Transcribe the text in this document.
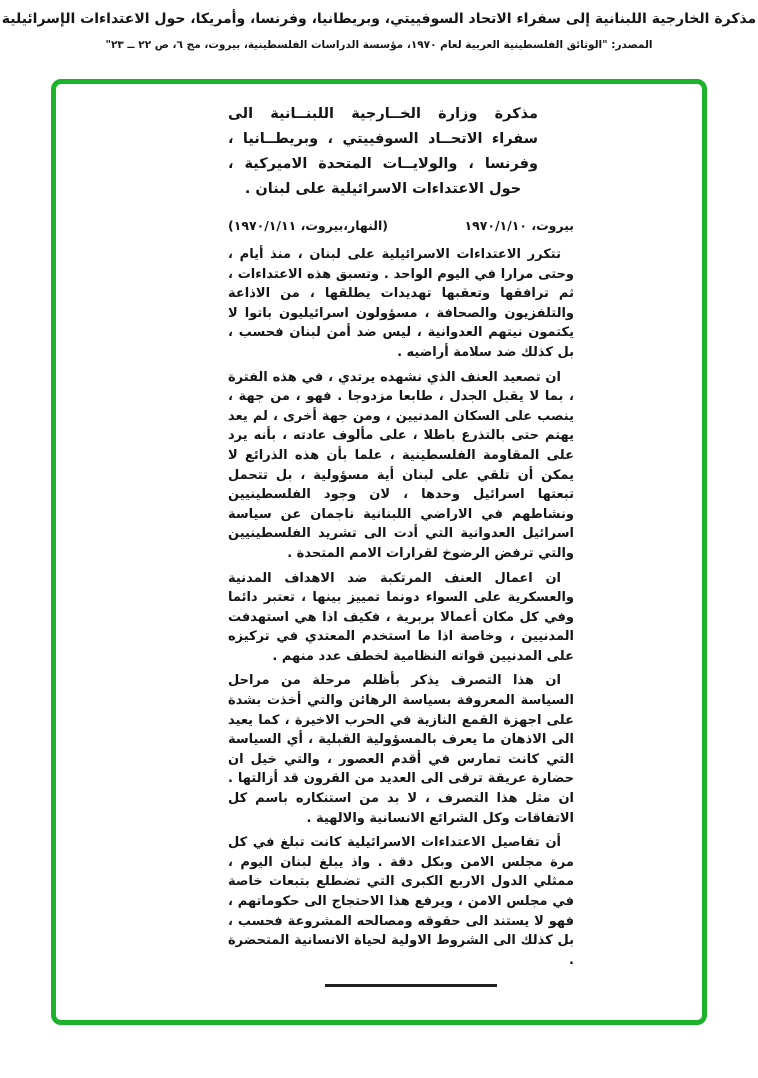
مذكرة الخارجية اللبنانية إلى سفراء الاتحاد السوفييتي، وبريطانيا، وفرنسا، وأمريكا، حول الاعتداءات الإسرائيلية
المصدر: "الوثائق الفلسطينية العربية لعام ١٩٧٠، مؤسسة الدراسات الفلسطينية، بيروت، مج ٦، ص ٢٢ ــ ٢٣"
مذكرة وزارة الخــارجية اللبنــانية الى سفراء الاتحــاد السوفييتي ، وبريطــانيا ، وفرنسا ، والولايــات المتحدة الاميركية ، حول الاعتداءات الاسرائيلية على لبنان .
بيروت، ١٩٧٠/١/١٠
(النهار،بيروت، ١٩٧٠/١/١١)

تتكرر الاعتداءات الاسرائيلية على لبنان ، منذ أيام ، وحتى مرارا في اليوم الواحد . وتسبق هذه الاعتداءات ، ثم ترافقها وتعقبها تهديدات يطلقها ، من الاذاعة والتلفزيون والصحافة ، مسؤولون اسرائيليون باتوا لا يكتمون نيتهم العدوانية ، ليس ضد أمن لبنان فحسب ، بل كذلك ضد سلامة أراضيه .

ان تصعيد العنف الذي نشهده يرتدي ، في هذه الفترة ، بما لا يقبل الجدل ، طابعا مزدوجا . فهو ، من جهة ، ينصب على السكان المدنيين ، ومن جهة أخرى ، لم يعد يهتم حتى بالتذرع باطلا ، على مألوف عادته ، بأنه يرد على المقاومة الفلسطينية ، علما بأن هذه الذرائع لا يمكن أن تلقي على لبنان أية مسؤولية ، بل تتحمل تبعتها اسرائيل وحدها ، لان وجود الفلسطينيين ونشاطهم في الاراضي اللبنانية ناجمان عن سياسة اسرائيل العدوانية التي أدت الى تشريد الفلسطينيين والتي ترفض الرضوخ لقرارات الامم المتحدة .

ان اعمال العنف المرتكبة ضد الاهداف المدنية والعسكرية على السواء دونما تمييز بينها ، تعتبر دائما وفي كل مكان أعمالا بربرية ، فكيف اذا هي استهدفت المدنيين ، وخاصة اذا ما استخدم المعتدي في تركيزه على المدنيين قواته النظامية لخطف عدد منهم .

ان هذا التصرف يذكر بأظلم مرحلة من مراحل السياسة المعروفة بسياسة الرهائن والتي أخذت بشدة على اجهزة القمع النازية في الحرب الاخيرة ، كما يعيد الى الاذهان ما يعرف بالمسؤولية القبلية ، أي السياسة التي كانت تمارس في أقدم العصور ، والتي خيل ان حضارة عريقة ترقى الى العديد من القرون قد أزالتها . ان مثل هذا التصرف ، لا بد من استنكاره باسم كل الاتفاقات وكل الشرائع الانسانية والالهية .

أن تفاصيل الاعتداءات الاسرائيلية كانت تبلغ في كل مرة مجلس الامن وبكل دقة . واذ يبلغ لبنان اليوم ، ممثلي الدول الاربع الكبرى التي تضطلع بتبعات خاصة في مجلس الامن ، ويرفع هذا الاحتجاج الى حكوماتهم ، فهو لا يستند الى حقوقه ومصالحه المشروعة فحسب ، بل كذلك الى الشروط الاولية لحياة الانسانية المتحضرة .
